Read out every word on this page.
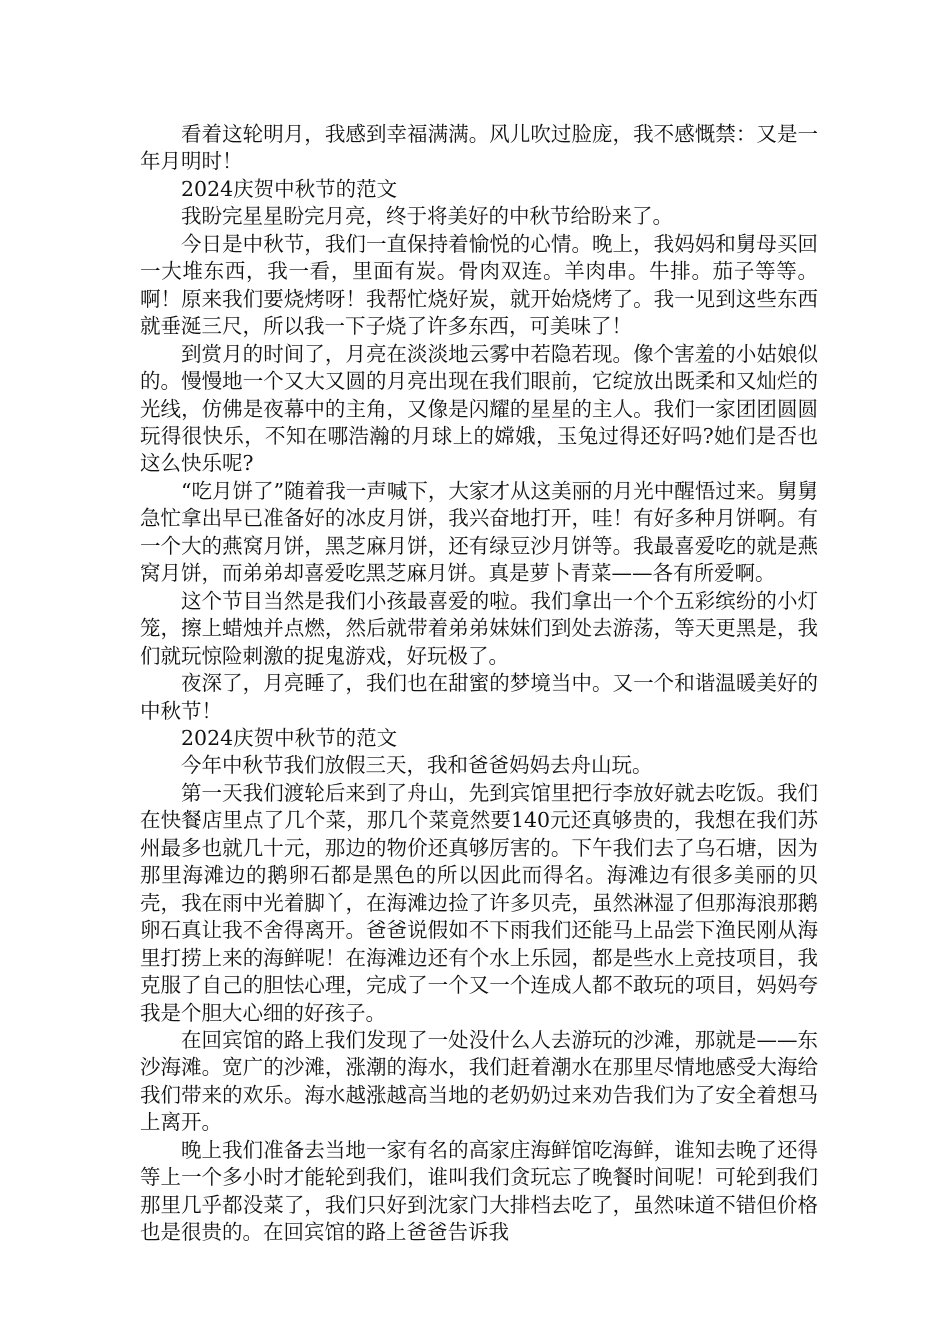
看着这轮明月，我感到幸福满满。风儿吹过脸庞，我不感慨禁：又是一年月明时！

2024庆贺中秋节的范文

我盼完星星盼完月亮，终于将美好的中秋节给盼来了。

今日是中秋节，我们一直保持着愉悦的心情。晚上，我妈妈和舅母买回一大堆东西，我一看，里面有炭。骨肉双连。羊肉串。牛排。茄子等等。啊！原来我们要烧烤呀！我帮忙烧好炭，就开始烧烤了。我一见到这些东西就垂涎三尺，所以我一下子烧了许多东西，可美味了！

到赏月的时间了，月亮在淡淡地云雾中若隐若现。像个害羞的小姑娘似的。慢慢地一个又大又圆的月亮出现在我们眼前，它绽放出既柔和又灿烂的光线，仿佛是夜幕中的主角，又像是闪耀的星星的主人。我们一家团团圆圆玩得很快乐，不知在哪浩瀚的月球上的嫦娥，玉兔过得还好吗?她们是否也这么快乐呢?

“吃月饼了”随着我一声喊下，大家才从这美丽的月光中醒悟过来。舅舅急忙拿出早已准备好的冰皮月饼，我兴奋地打开，哇！有好多种月饼啊。有一个大的燕窝月饼，黑芝麻月饼，还有绿豆沙月饼等。我最喜爱吃的就是燕窝月饼，而弟弟却喜爱吃黑芝麻月饼。真是萝卜青菜——各有所爱啊。

这个节目当然是我们小孩最喜爱的啦。我们拿出一个个五彩缤纷的小灯笼，擦上蜡烛并点燃，然后就带着弟弟妹妹们到处去游荡，等天更黑是，我们就玩惊险刺激的捉鬼游戏，好玩极了。

夜深了，月亮睡了，我们也在甜蜜的梦境当中。又一个和谐温暖美好的中秋节！

2024庆贺中秋节的范文

今年中秋节我们放假三天，我和爸爸妈妈去舟山玩。

第一天我们渡轮后来到了舟山，先到宾馆里把行李放好就去吃饭。我们在快餐店里点了几个菜，那几个菜竟然要140元还真够贵的，我想在我们苏州最多也就几十元，那边的物价还真够厉害的。下午我们去了乌石塘，因为那里海滩边的鹅卵石都是黑色的所以因此而得名。海滩边有很多美丽的贝壳，我在雨中光着脚丫，在海滩边捡了许多贝壳，虽然淋湿了但那海浪那鹅卵石真让我不舍得离开。爸爸说假如不下雨我们还能马上品尝下渔民刚从海里打捞上来的海鲜呢！在海滩边还有个水上乐园，都是些水上竞技项目，我克服了自己的胆怯心理，完成了一个又一个连成人都不敢玩的项目，妈妈夸我是个胆大心细的好孩子。

在回宾馆的路上我们发现了一处没什么人去游玩的沙滩，那就是——东沙海滩。宽广的沙滩，涨潮的海水，我们赶着潮水在那里尽情地感受大海给我们带来的欢乐。海水越涨越高当地的老奶奶过来劝告我们为了安全着想马上离开。

晚上我们准备去当地一家有名的高家庄海鲜馆吃海鲜，谁知去晚了还得等上一个多小时才能轮到我们，谁叫我们贪玩忘了晚餐时间呢！可轮到我们那里几乎都没菜了，我们只好到沈家门大排档去吃了，虽然味道不错但价格也是很贵的。在回宾馆的路上爸爸告诉我
